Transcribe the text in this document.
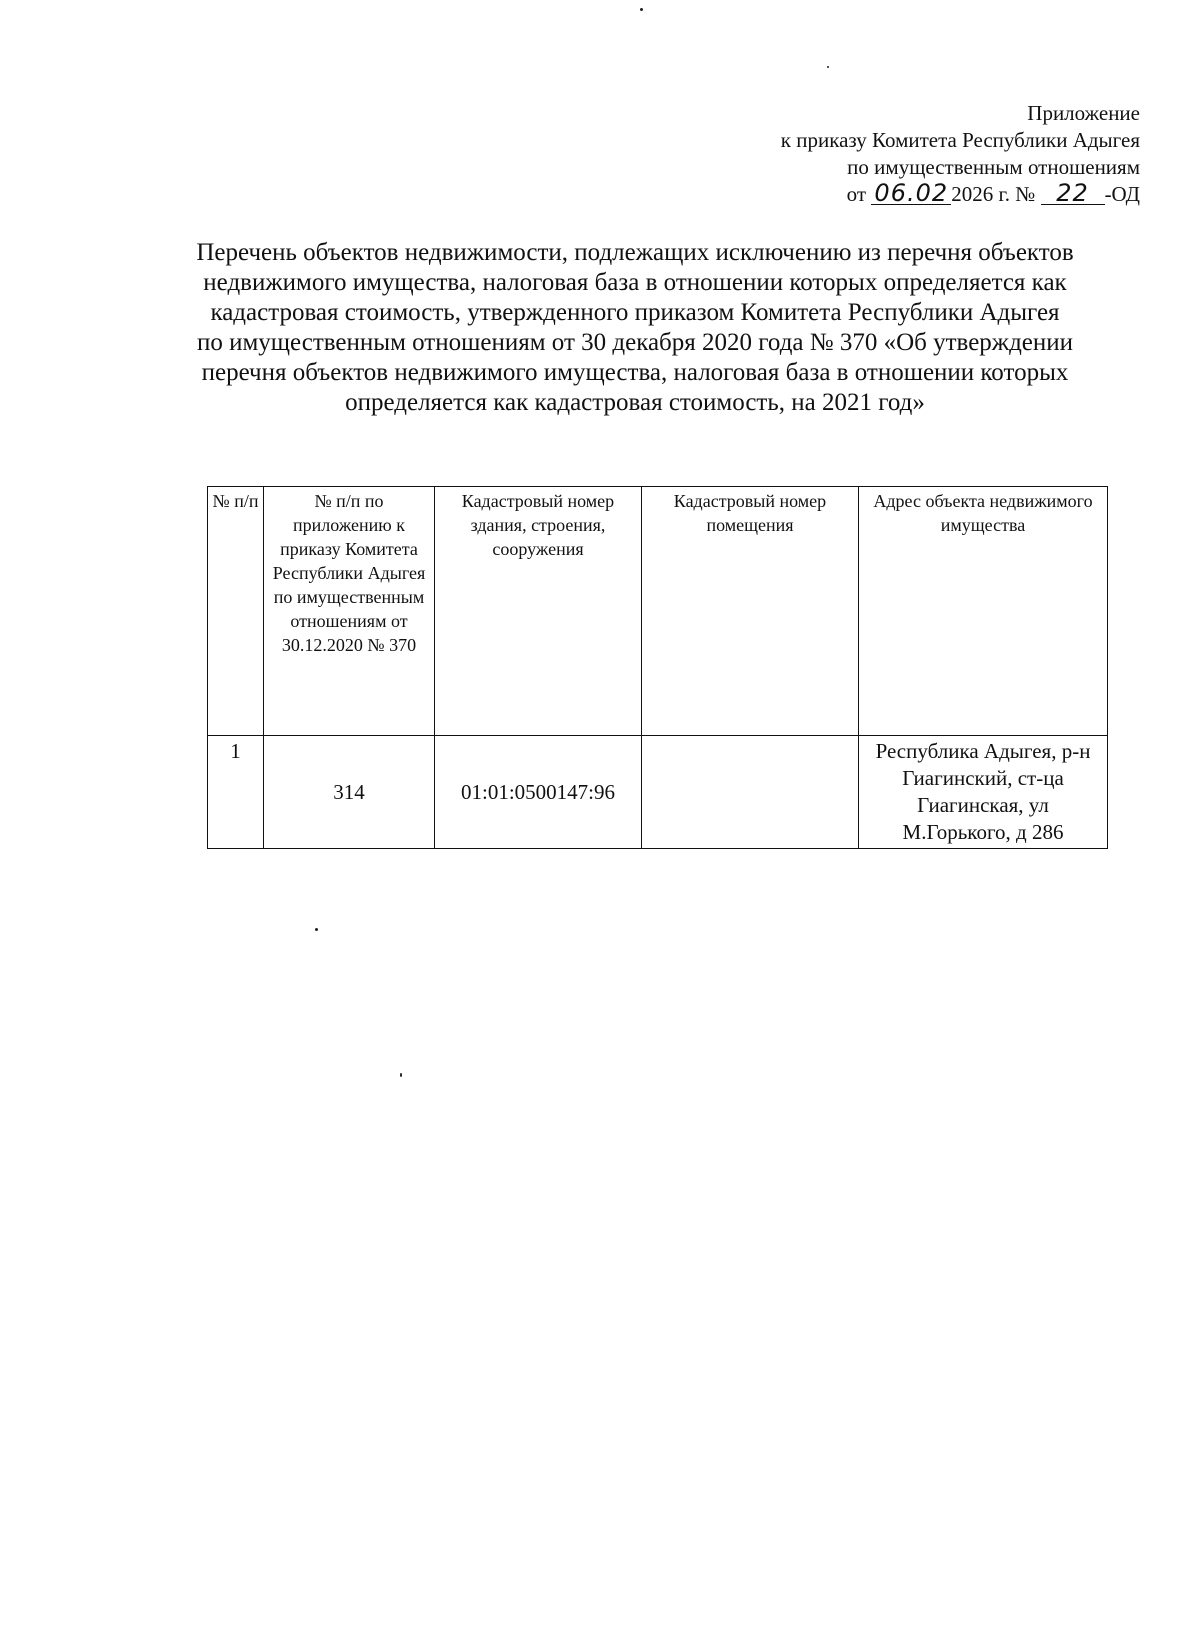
Приложение
к приказу Комитета Республики Адыгея
по имущественным отношениям
от 06.02 2026 г. № 22 -ОД
Перечень объектов недвижимости, подлежащих исключению из перечня объектов недвижимого имущества, налоговая база в отношении которых определяется как кадастровая стоимость, утвержденного приказом Комитета Республики Адыгея по имущественным отношениям от 30 декабря 2020 года № 370 «Об утверждении перечня объектов недвижимого имущества, налоговая база в отношении которых определяется как кадастровая стоимость, на 2021 год»
№ п/п	№ п/п по приложению к приказу Комитета Республики Адыгея по имущественным отношениям от 30.12.2020 № 370	Кадастровый номер здания, строения, сооружения	Кадастровый номер помещения	Адрес объекта недвижимого имущества
1	314	01:01:0500147:96		Республика Адыгея, р-н Гиагинский, ст-ца Гиагинская, ул М.Горького, д 286
